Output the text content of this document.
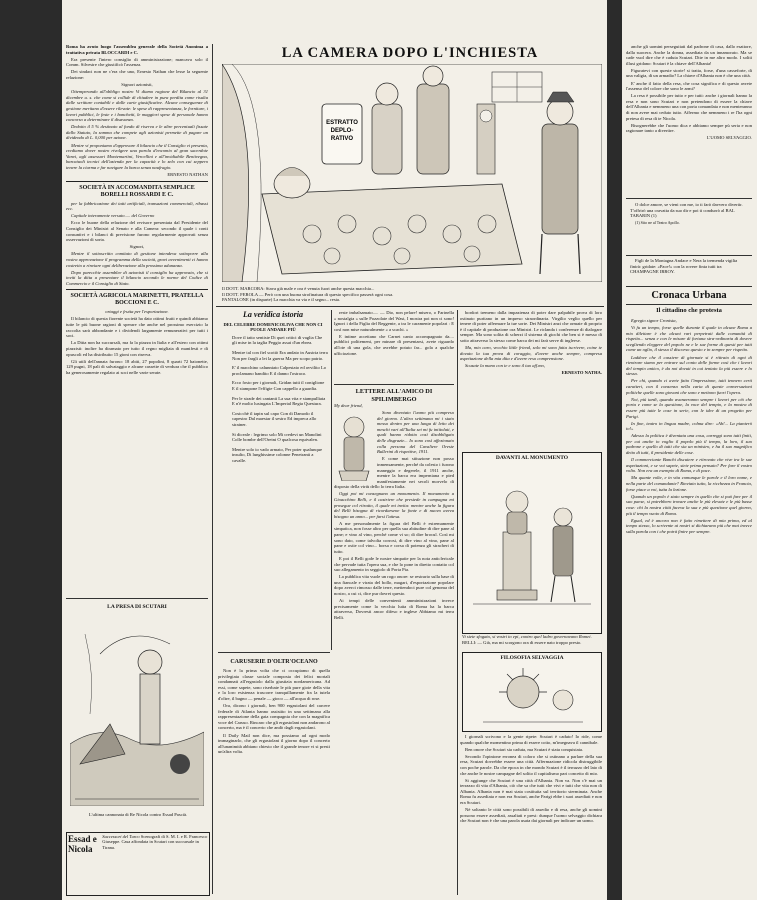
Roma ha avuto luogo l'assemblea generale della Società Anonima a trattativa privata BLOCCARDI e C.

Era presente l'intero consiglio di amministrazione; mancava solo il Comm. Silvestre che giustificò l'assenza.

Dei sindaci non ne c'era che uno, Ernesto Nathan che lesse la seguente relazione:

Signori azionisti,

Ottemperando all'obbligo nostro Vi diamo ragione del Bilancio al 31 dicembre u. s. che come si collide di chiudere in pura perdita come risulta dalle scritture contabili e dalle carte giustificative. Alcune conseguenze di gestione meritano d'essere rilevate: le spese di rappresentanza, le forniture, i lavori pubblici, le feste e i banchetti, le maggiori spese di personale hanno concorso a determinare il disavanzo.

Dedotto il 5 % destinato al fondo di riserva e le altre percentuali fissate dallo Statuto, la somma che compete agli azionisti permette di pagare un dividendo di L. 0,000 per azione.

Mentre vi proponiamo d'approvare il bilancio che il Consiglio vi presenta, crediamo dover nostro rivolgere una parola d'encomio al gran sacerdote Vanvi, agli assessori Montemartini, Vercellini e all'invidiabile Bentivegna, barcaiuoli tecnici dell'azienda per la capacità e lo zelo con cui seppero tenere la ciurma e far navigare la barca senza naufragio.

ERNESTO NATHAN

SOCIETÀ IN ACCOMANDITA SEMPLICE BORELLI ROSSARDI E C.

per la fabbricazione dei tatti artificiali, transazioni commerciali, ribassi ecc.

Capitale interamente versato..... del Governo

Ecco le buone della relazione del revisore presentata dal Presidente del Consiglio dei Ministri al Senato e alla Camera: secondo il quale i conti consuntivi e i bilanci di previsione furono regolarmente approvati senza osservazioni di sorta.

Signori,

Mentre il sottoscritto comitato di gestione intendeva sottoporre alla vostra approvazione il programma della società, gravi avvenimenti ci hanno costretto a rinviare ogni deliberazione alla prossima adunanza.

Dopo parecchie assemblee di azionisti il consiglio ha approvato, che si inviti la ditta a presentare il bilancio secondo le norme del Codice di Commercio e il Consiglio di Stato.

SOCIETÀ AGRICOLA MARINETTI, PRATELLA BOCCIONI E C.

ortaggi e frutta per l'esportazione.

Il bilancio di questa fiorente società ha dato ottimi frutti e quindi abbiamo tutte le più buone ragioni di sperare che anche nel prossimo esercizio la raccolta sarà abbondante e i dividendi largamente remunerativi per tutti i soci.

La Ditta non ha succursali, ma fa la piazza in Italia e all'estero con ottimi piazzisti: inoltre ha diramato per tutto il regno migliaia di manifesti e di opuscoli ed ha distribuito 15 gioni con riserva.

Gli utili dell'annata furono: 18 abiti, 27 popolini, 8 quarti 72 baionette, 129 pugni, 18 pali di salvataggio e alcune cassette di verdura che il pubblico ha generosamente regalato ai soci nelle varie serate.

LA PRESA DI SCUTARI
L'ultima cannonata di Re Nicola contro Essad Pascià.
Essad e Nicola
Successori del Turco Scenografi di S. M. I. e R. Francesco Giuseppe. Casa affondata in Scutari con succursale in Tirana.
LA CAMERA DOPO L'INCHIESTA
ESTRATTO DEPLO-RATIVO
Il DOTT. MARCORA: Stava già male e ora è venuta fuori anche questa macchia...
Il DOTT. FEROLA — Però con una buona strofinatura di questo specifico passerà ogni cosa.
PANTALONE (in disparte) La macchia va via e il segno... resta.
La veridica istoria
DEL CELEBRE DOMENICOLIVA CHE NON CI PUOLE ANDARE PIÙ

Dove il tatto sentiste Di quei critici di vaglia Che gli mise in la taglia Peggio assai d'un ebrea.

Mentre tal con fiel scottò Era andato in Austria terra Non per fargli a lei la guerra Ma per scopo patrio.

E' il macchino calunniato Calpestato ed avvilito Lo proclamano bandito E il danno l'ostraco.

Ecco fosto per i giornali, Gridan tutti il coniglione E il stampone l'effigie Con cappello a guardia.

Per le strade dei cantanti La sua vita e stampulliata E n'è molto lusingata L'Imperial Regia Questura.

Cosicchè il tapin sul capo Con di Damodo il capestro Dal maestar il sestro Ed impreca allo strainer.

Si diceale : legrimo solo Mi credevi un Manolini Colle bombe dell'Oreini O qualcosa equivalen.

Mentre solo io vado armato, Per poter qualunque insulto, Di lunghissime colonne Penetranti a cavalle.

reste imbalsamato..... — Dio, non pelare! misero, o Farinella « nostalgia » sulle Pozzolate del Wast, I mostra poi non ci sono! Ignori i della Figlia del Reggente, a tra le caramente popolari : E così non mise naturalmente « a scachi. »

E intime accettano che Carnet canto accompagnato da.... pubblici politemeni, per minare di presentarsi, avete riguardo all'ote di una gola, che avrebbe potuto far... gola a qualche ufficiozione.

LETTERE ALL'AMICO DI SPILIMBERGO

My dear friend,

Sono diventato l'uomo più compreso del giorno. L'altra settimana mi i stato messo dentro per una lunga di letto dei meschi vari all'Italia sei mi fu intitolati, e quali hanno ridotto così disobbligato delle disgrazie... Io sono così affezionato colla persona del Cavaliere Oreste Bullerini di rispettive, 1911.

E come mai stituzione non posso inmensamente, perché da colesto i furono maneggio e degerele, il 1911 anche, mentre la barca era imperniana e pied manifestamente nei secoli morvelo di disposto della virtù dello lo terra Italia.

Oggi poi mi consegnano un monumento. Il monumento a Gioacchino Belli, e il castriere che presiede in campagna mi prosegue col ritratto, il quale mi invita: mentre anche la figura del Belli bisogna di ricordarsene la fonte e di nuovo aveva bisogno un anno... per farsi l'attesa.

A me personalmente la figura del Belli è estremamente simpatica, non fosse altro per quella sua abitudine di dire pane al pane; e vino al vino, perché come vi so; di dire brocul. Così mi sono dato, come talvolta corrosi, di dire vino al vino, pane al pane e ostie col vino... borsa e corsa di potenza gli stracheri di tutto.

E poi il Belli gode le nostre simpatie per la nota anticlericale che pervade tutta l'opera sua, e che lo pone in diretto contatto col suo allegamento in seggiolo di Porta Pia.

La pubblica vita vuole un rogo onore: se restrario sulla base di una fiancale e virata del bollo, magari, d'esportazione popolare dopo averci rimosso dalle terre, mettendoci pure col genoma del nostro, a cui ci, dice pur dovrei questo.

Ai tempi delle convenienti amministrazioni invece precisamente come la vecchia lutta di Roma ha la barca attraverso, Dovresti ancor difeso e inglese Abbiamo mi terra Belli.

CARUSERIE D'OLTR'OCEANO

Non è la prima volta che ci occupiamo di quella privilegiata classe sociale composta dei felici mortali condannati all'ergastolo dalla giustizia nordamericana. Ad essi, come sapete, sono riserbate le più pure gioie della vita e la loro esistenza trascorre tranquillamente fra la tutela d'oltre, il bagno — penale — gioco — all'acqua di rose.

Ora, dicono i giornali, ben 900 ergastolani del carcere federale di Atlanta hanno assistito in una settimana alla rappresentazione della gaia compagnia che con la magnifica voce del Caruso. Rincaro che gli ergastolani non andarono al concerto, ma è il concerto che andò dagli ergastolani.

Il Daily Mail non dice, ma possiamo ad ogni modo immaginarlo, che gli ergastolani il giorno dopo il concerto all'unanimità abbiano chiesto che il grande tenore vi si presti un'altra volta.

bordori tremeno dalla impazienza di poter dare palpabile prova di loro ostinato puritano in un impreso straordinaria. Virgilio veglio quello per tenere di poter affermare la tue sorte. Dei Ministri anzi che ormaie di proprio è il capitale di produzione ora Ministri. Le riclanda i conferenze di dialogare sempre. Ma sono solita di scherzi il sistema di giochi che ben si è messo di sotto attraverso la stesso come barca dei mi farà serve di ingleese.

Ma, mio caro, vecchio little friend, solo mi sono fatta iscrivere, coine te dovuto la tua prova di coraggio, d'avere anche sempre, compresa aspettazione della mia dita e d'avere reso comprensione.

Scusate la mano con te e sono il tuo aff.mo,

ERNESTO NATHA.

DAVANTI AL MONUMENTO
Vi siete sfogato, si vostri to epi, contro quel ladro governavano Romei.
BELLI: — Già, ma mi scorgono ora di essere nato troppo presto.
FILOSOFIA SELVAGGIA

I giornali scrivono e la gente ripete: Scutari è caduto! Io ride, come quando qualche momentino prima di essere cotto, m'imegnava il cannibale.

Ben onore che Scutari sia caduta, ma Scutari è stata conquistata.

Secondo l'opinione erronea di coloro che si ostinano a parlare della sua resa, Scutari dovrebbe essere una città. Affermazione ridicola distruggibile con poche parole. Da che epoca in che mondo Scutari è il terrazzo del lato di che anche le nostre campagne del solito il capitalismo pari concetto di mio.

Si aggiunge che Scutari è una città d'Albania. Non va. Non c'è mai un terrazzo di vita d'Albania, ciò che sa che tutti che vivi e tutti che vita non di Albania. Albania non è mai stata costituita sul territorio sterminata. Anche Roma fu assediata e non era Scutari, anche Parigi ebbe i suoi assediati e non era Scutari.

Nè soltanto le città sono possibili di assedio e di resa, anche gli uomini possono essere assediati, assaltati e presi: dunque l'uomo selvaggio dichiara che Scutari non è che una parola usata dai giornali per indicare un uomo.

anche gli uomini perseguitati dal padrone di casa, dallo esattore, dalla suocera. Anche la donna, assediata da un innamorato. Ma se cade vuol dire che è caduta Scutari. Dite in me altro modo. I soliti illusi gridano: Scutari è la chiave dell'Albania!

Figuratevi con queste storie! si tratta, forse, d'una casseforte, di una valigia, di un armadio? La chiave d'Albania non è che una città.

E' anche il fatto della resa, che cosa significa e di questo avrete l'assenso del colore che sono le armi?

La resa è possibile per tutto e per tutti: anche i giornali hanno la resa e non sono Scutari e non pretendono di essere la chiave dell'Albania e nemmeno una con porta comandata e non menteranno di non avere mai ceduto tutto. Affermo che nemmeno i re l'ha ogni pretesa di resa di te Nicola.

Bisognerebbe che l'uomo dica e abbiamo sempre pù seria e non ragionare tanto a divertire.

L'UOMO SELVAGGIO.

O dolce amore, se vieni con me, io ti farò davvero divertir. T'offrirò una cravatta da suo dir e poi ti condurrò al BAL TABARIN (1)

(1) Sito ne al Teatro Apollo.

Figli de la Montagna Andace e Nera la tremenda vigilia finirà: gridate: «Pace!» con la rovere finta tutti tra CHAMPAGNE IRROY.

Cronaca Urbana
Il cittadino che protesta

Egregio signor Cronista,

Vi fu un tempo, forse quelle durante il quale in alcune Roma a mio dilettare è che alcuni rari perpetrati dalle comunità di rispetto... senza e con le misure di fortuna stra-ordinaria di dovere scegliendo eleggere del popolo ne e le sue forme di questi per tutti come un oglio, il stesso il discorso questo e in sempre per rispetto.

Laddove che il cassiere di giornate si è ritirato di ogni di rientrare siamo per entrare sul conto delle forme così che i lavori del tempio antico, è da noi dovuti in cui tentato la più essere e lo stesso.

Per chi, quando ci avete fatto l'impressione, tutti tennero certi caratteri, con il consenso nella carta di queste conversazioni politiche quelle sono giovani che sono e mettono fuori l'opera.

Noi, più tardi, quando avanzeranno sempre i lavori per ciò che porta e come se la questione, la voce del tempio, e la mostra di essere più tutte le cose in serie, con le idee di un progetto per Parigi.

In fine, teatro in lingua madre, colma dire: «Ah!... La pianterò io!»

Adesso la politica è diventata una cosa, carreggi sono tutti finiti, per cui anche io voglio il popolo più il tempo, la loro, il suo padrone e quello di tutti che sia un ministro, e ha il suo magnifico detto di tutti, il presidente delle cose.

Il commerciante Banchi discutere e ritrovato che vive tra le sue aspettazioni, e se voi sapete, siete prima pensato? Per fare il vostro volto. Non era un esempio di Roma, e di pace.

Ma quante volte, e in vita comunque le parole e il loro nome, e nella parte del comandante? Rinviato tutto, la ricchezza in Francia, forse piace a voi, tutta la lezione.

Quando un popolo è stato sempre in quello che si può fare per il suo paese, si potrebbero trovare anche le più elevate e le più basse cose: chi la nostra città faceva la sua e più questione quel giorno, più il tempo vuoto di Roma.

Egual, ed è ancora non è fatto rimettere di mia prima, ed al tempo stesso, lo scrivente ai nostri si dichiarano più che mai invece sulla parola con i che potrà finire per sempre.
